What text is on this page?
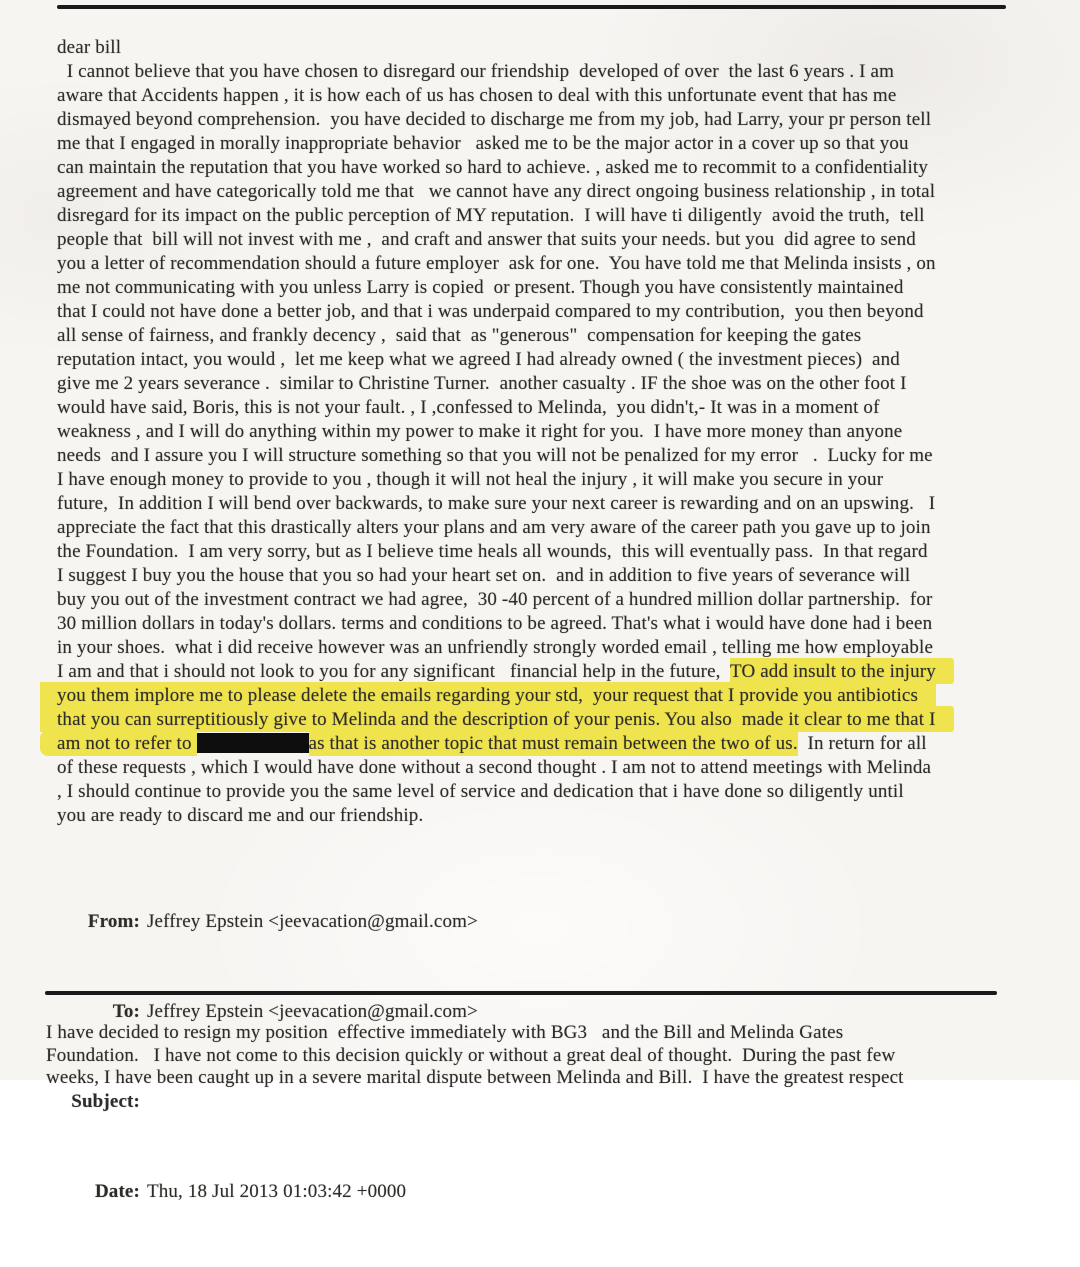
dear bill
I cannot believe that you have chosen to disregard our friendship  developed of over  the last 6 years . I am
aware that Accidents happen , it is how each of us has chosen to deal with this unfortunate event that has me
dismayed beyond comprehension.  you have decided to discharge me from my job, had Larry, your pr person tell
me that I engaged in morally inappropriate behavior   asked me to be the major actor in a cover up so that you
can maintain the reputation that you have worked so hard to achieve. , asked me to recommit to a confidentiality
agreement and have categorically told me that   we cannot have any direct ongoing business relationship , in total
disregard for its impact on the public perception of MY reputation.  I will have ti diligently  avoid the truth,  tell
people that  bill will not invest with me ,  and craft and answer that suits your needs. but you  did agree to send
you a letter of recommendation should a future employer  ask for one.  You have told me that Melinda insists , on
me not communicating with you unless Larry is copied  or present. Though you have consistently maintained
that I could not have done a better job, and that i was underpaid compared to my contribution,  you then beyond
all sense of fairness, and frankly decency ,  said that  as "generous"  compensation for keeping the gates
reputation intact, you would ,  let me keep what we agreed I had already owned ( the investment pieces)  and
give me 2 years severance .  similar to Christine Turner.  another casualty . IF the shoe was on the other foot I
would have said, Boris, this is not your fault. , I ,confessed to Melinda,  you didn't,- It was in a moment of
weakness , and I will do anything within my power to make it right for you.  I have more money than anyone
needs  and I assure you I will structure something so that you will not be penalized for my error   .  Lucky for me
I have enough money to provide to you , though it will not heal the injury , it will make you secure in your
future,  In addition I will bend over backwards, to make sure your next career is rewarding and on an upswing.   I
appreciate the fact that this drastically alters your plans and am very aware of the career path you gave up to join
the Foundation.  I am very sorry, but as I believe time heals all wounds,  this will eventually pass.  In that regard
I suggest I buy you the house that you so had your heart set on.  and in addition to five years of severance will
buy you out of the investment contract we had agree,  30 -40 percent of a hundred million dollar partnership.  for
30 million dollars in today's dollars. terms and conditions to be agreed. That's what i would have done had i been
in your shoes.  what i did receive however was an unfriendly strongly worded email , telling me how employable
I am and that i should not look to you for any significant   financial help in the future,  TO add insult to the injury
you them implore me to please delete the emails regarding your std,  your request that I provide you antibiotics
that you can surreptitiously give to Melinda and the description of your penis. You also  made it clear to me that I
am not to refer to	as that is another topic that must remain between the two of us.  In return for all
of these requests , which I would have done without a second thought . I am not to attend meetings with Melinda
, I should continue to provide you the same level of service and dedication that i have done so diligently until
you are ready to discard me and our friendship.

From: Jeffrey Epstein <jeevacation@gmail.com>

To: Jeffrey Epstein <jeevacation@gmail.com>

Subject:

Date: Thu, 18 Jul 2013 01:03:42 +0000

I have decided to resign my position  effective immediately with BG3   and the Bill and Melinda Gates
Foundation.   I have not come to this decision quickly or without a great deal of thought.  During the past few
weeks, I have been caught up in a severe marital dispute between Melinda and Bill.  I have the greatest respect
